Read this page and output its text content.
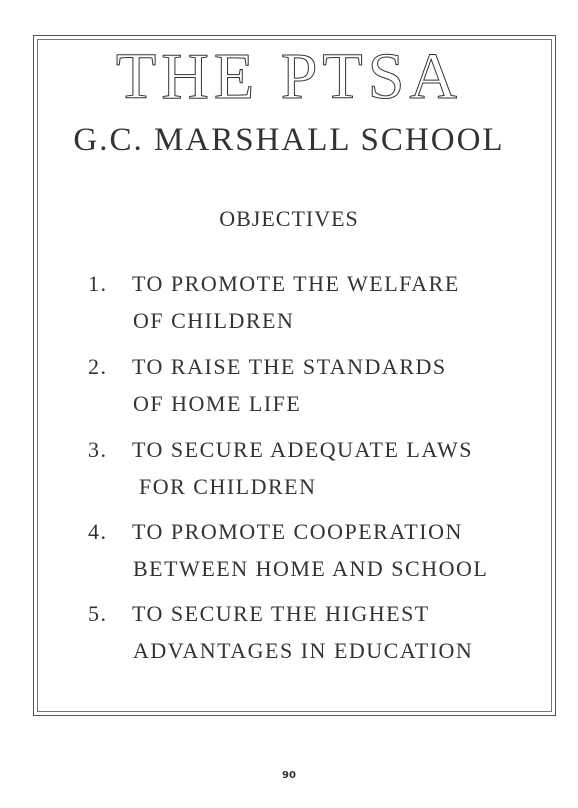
THE PTSA
G.C. MARSHALL SCHOOL
OBJECTIVES
1. TO PROMOTE THE WELFARE
OF CHILDREN
2. TO RAISE THE STANDARDS
OF HOME LIFE
3. TO SECURE ADEQUATE LAWS
FOR CHILDREN
4. TO PROMOTE COOPERATION
BETWEEN HOME AND SCHOOL
5. TO SECURE THE HIGHEST
ADVANTAGES IN EDUCATION
90
